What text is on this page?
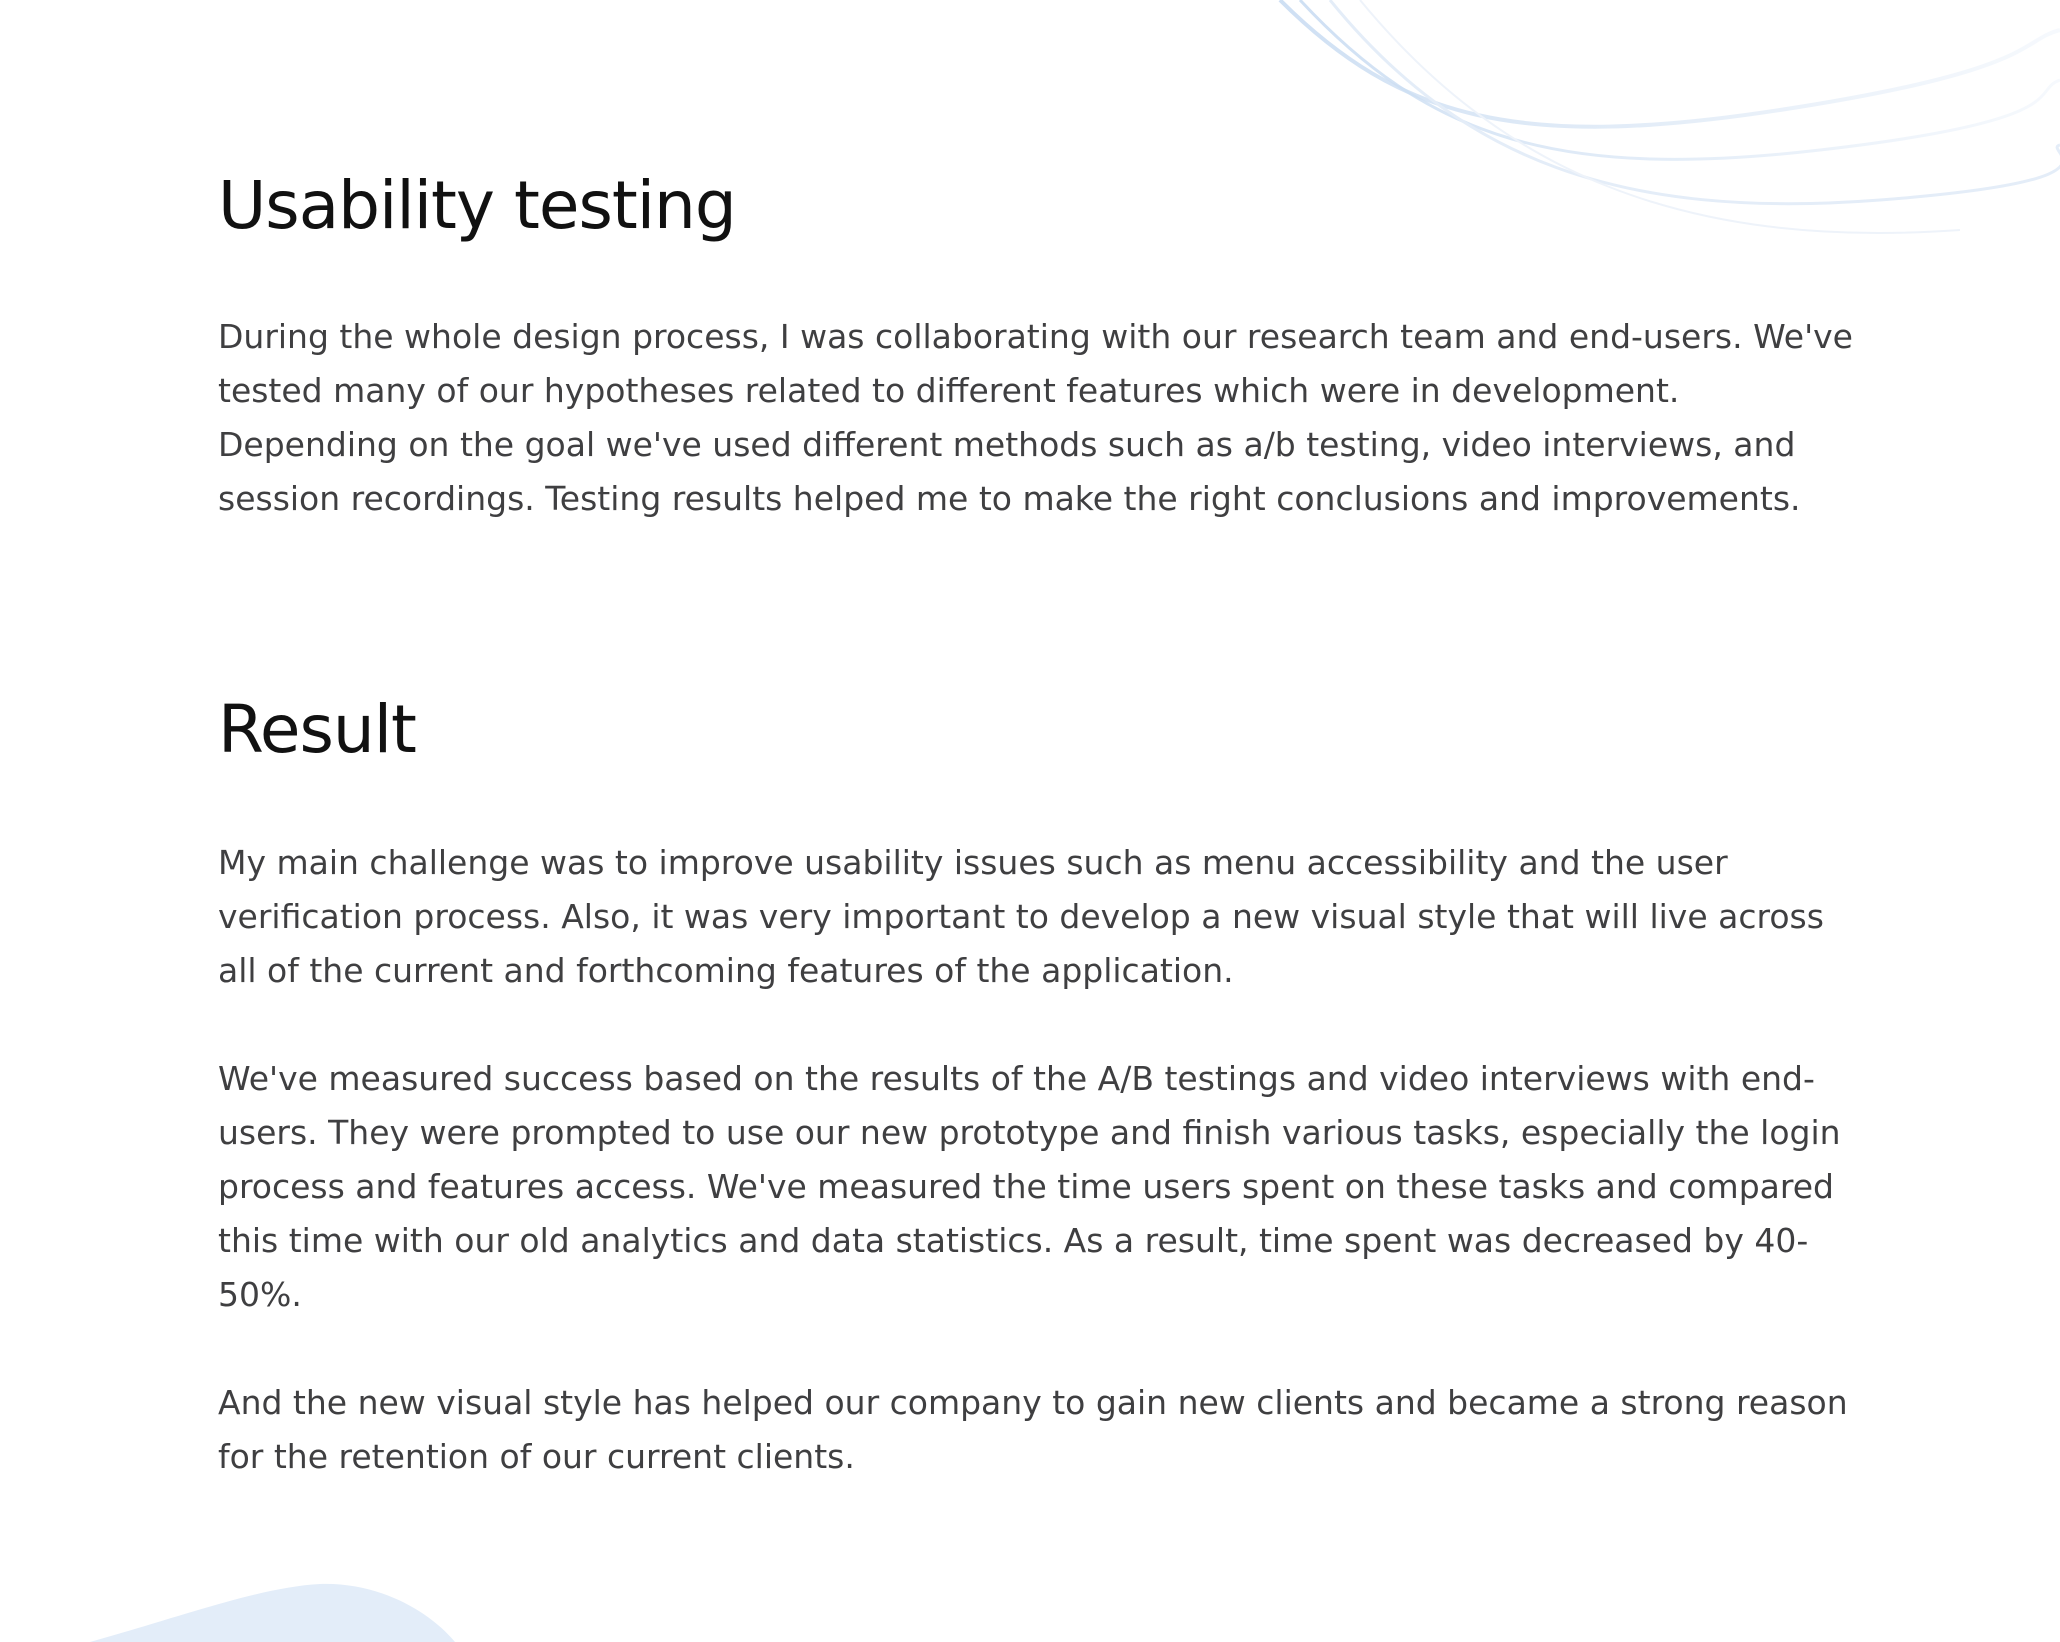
Usability testing

During the whole design process, I was collaborating with our research team and end-users. We've tested many of our hypotheses related to different features which were in development. Depending on the goal we've used different methods such as a/b testing, video interviews, and session recordings. Testing results helped me to make the right conclusions and improvements.

Result

My main challenge was to improve usability issues such as menu accessibility and the user verification process. Also, it was very important to develop a new visual style that will live across all of the current and forthcoming features of the application.

We've measured success based on the results of the A/B testings and video interviews with end-users. They were prompted to use our new prototype and finish various tasks, especially the login process and features access. We've measured the time users spent on these tasks and compared this time with our old analytics and data statistics. As a result, time spent was decreased by 40-50%.

And the new visual style has helped our company to gain new clients and became a strong reason for the retention of our current clients.
